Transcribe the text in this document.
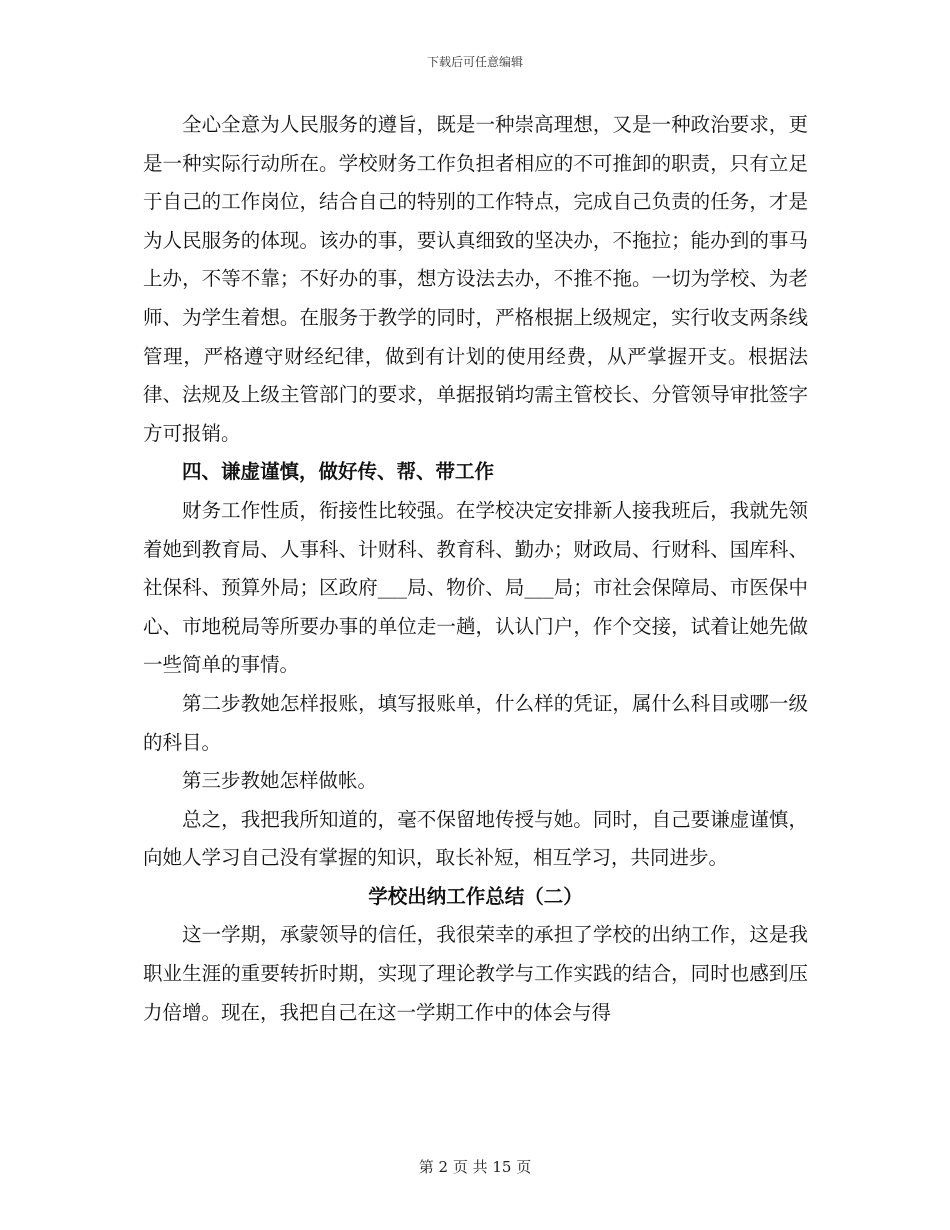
下载后可任意编辑

全心全意为人民服务的遵旨，既是一种崇高理想，又是一种政治要求，更是一种实际行动所在。学校财务工作负担者相应的不可推卸的职责，只有立足于自己的工作岗位，结合自己的特别的工作特点，完成自己负责的任务，才是为人民服务的体现。该办的事，要认真细致的坚决办，不拖拉；能办到的事马上办，不等不靠；不好办的事，想方设法去办，不推不拖。一切为学校、为老师、为学生着想。在服务于教学的同时，严格根据上级规定，实行收支两条线管理，严格遵守财经纪律，做到有计划的使用经费，从严掌握开支。根据法律、法规及上级主管部门的要求，单据报销均需主管校长、分管领导审批签字方可报销。

四、谦虚谨慎，做好传、帮、带工作

财务工作性质，衔接性比较强。在学校决定安排新人接我班后，我就先领着她到教育局、人事科、计财科、教育科、勤办；财政局、行财科、国库科、社保科、预算外局；区政府___局、物价、局___局；市社会保障局、市医保中心、市地税局等所要办事的单位走一趟，认认门户，作个交接，试着让她先做一些简单的事情。

第二步教她怎样报账，填写报账单，什么样的凭证，属什么科目或哪一级的科目。

第三步教她怎样做帐。

总之，我把我所知道的，毫不保留地传授与她。同时，自己要谦虚谨慎，向她人学习自己没有掌握的知识，取长补短，相互学习，共同进步。

学校出纳工作总结（二）

这一学期，承蒙领导的信任，我很荣幸的承担了学校的出纳工作，这是我职业生涯的重要转折时期，实现了理论教学与工作实践的结合，同时也感到压力倍增。现在，我把自己在这一学期工作中的体会与得

第 2 页 共 15 页
